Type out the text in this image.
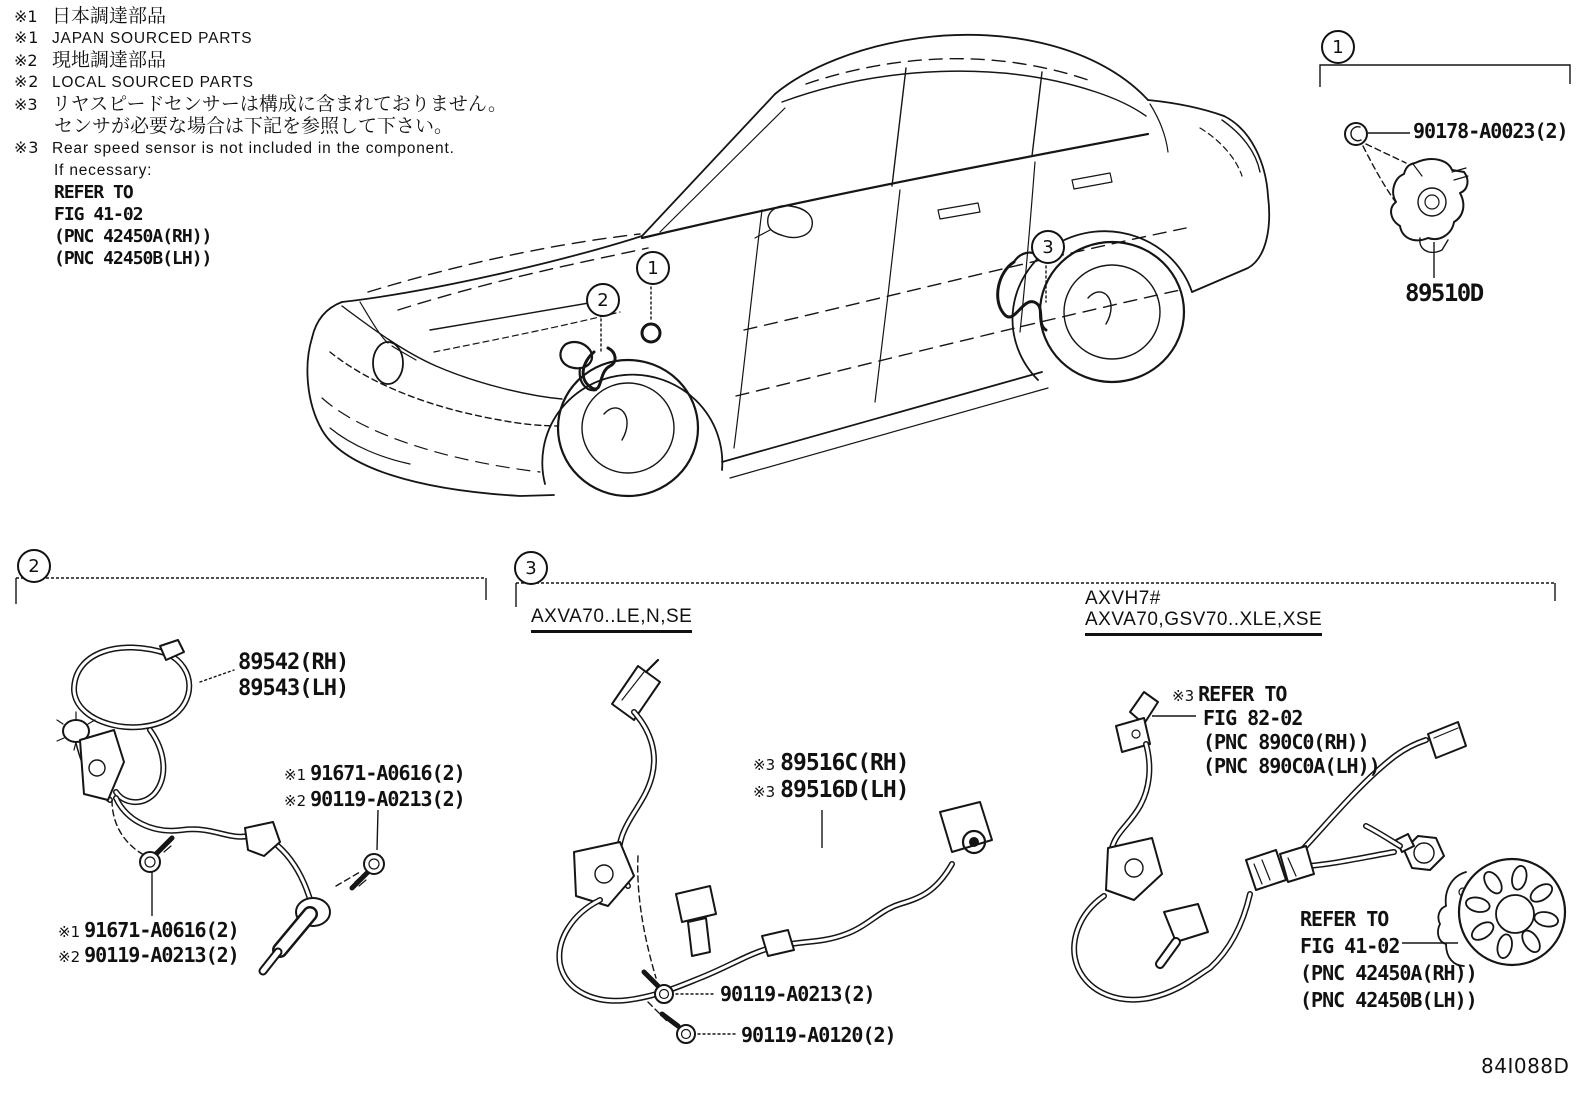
※1 日本調達部品
※1 JAPAN SOURCED PARTS
※2 現地調達部品
※2 LOCAL SOURCED PARTS
※3 リヤスピードセンサーは構成に含まれておりません。
センサが必要な場合は下記を参照して下さい。
※3 Rear speed sensor is not included in the component.
If necessary:
REFER TO
FIG 41-02
(PNC 42450A(RH))
(PNC 42450B(LH))	1
2
3
1
2	3
90178-A0023(2)
89510D
89542(RH)
89543(LH)
※1 91671-A0616(2)
※2 90119-A0213(2)
※1 91671-A0616(2)
※2 90119-A0213(2)
AXVA70..LE,N,SE
AXVH7#
AXVA70,GSV70..XLE,XSE
※3 89516C(RH)
※3 89516D(LH)
90119-A0213(2)
90119-A0120(2)
※3 REFER TO
FIG 82-02
(PNC 890C0(RH))
(PNC 890C0A(LH))
REFER TO
FIG 41-02
(PNC 42450A(RH))
(PNC 42450B(LH))
84I088D
